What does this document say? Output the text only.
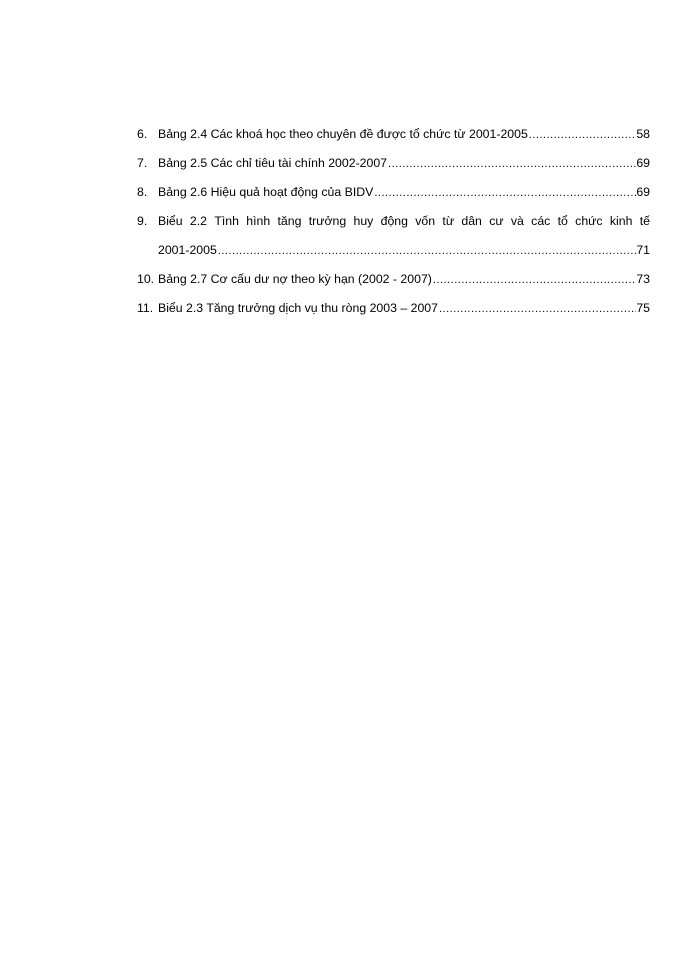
6. Bảng 2.4 Các khoá học theo chuyên đề được tổ chức từ 2001-2005 .....	58
7. Bảng 2.5 Các chỉ tiêu tài chính 2002-2007 .....	69
8. Bảng 2.6 Hiệu quả hoạt động của BIDV .....	69
9. Biểu 2.2 Tình hình tăng trưởng huy động vốn từ dân cư và các tổ chức kinh tế
2001-2005 .....	71
10. Bảng 2.7 Cơ cấu dư nợ theo kỳ hạn (2002 - 2007) .....	73
11. Biểu 2.3 Tăng trưởng dịch vụ thu ròng 2003 – 2007 .....	75
